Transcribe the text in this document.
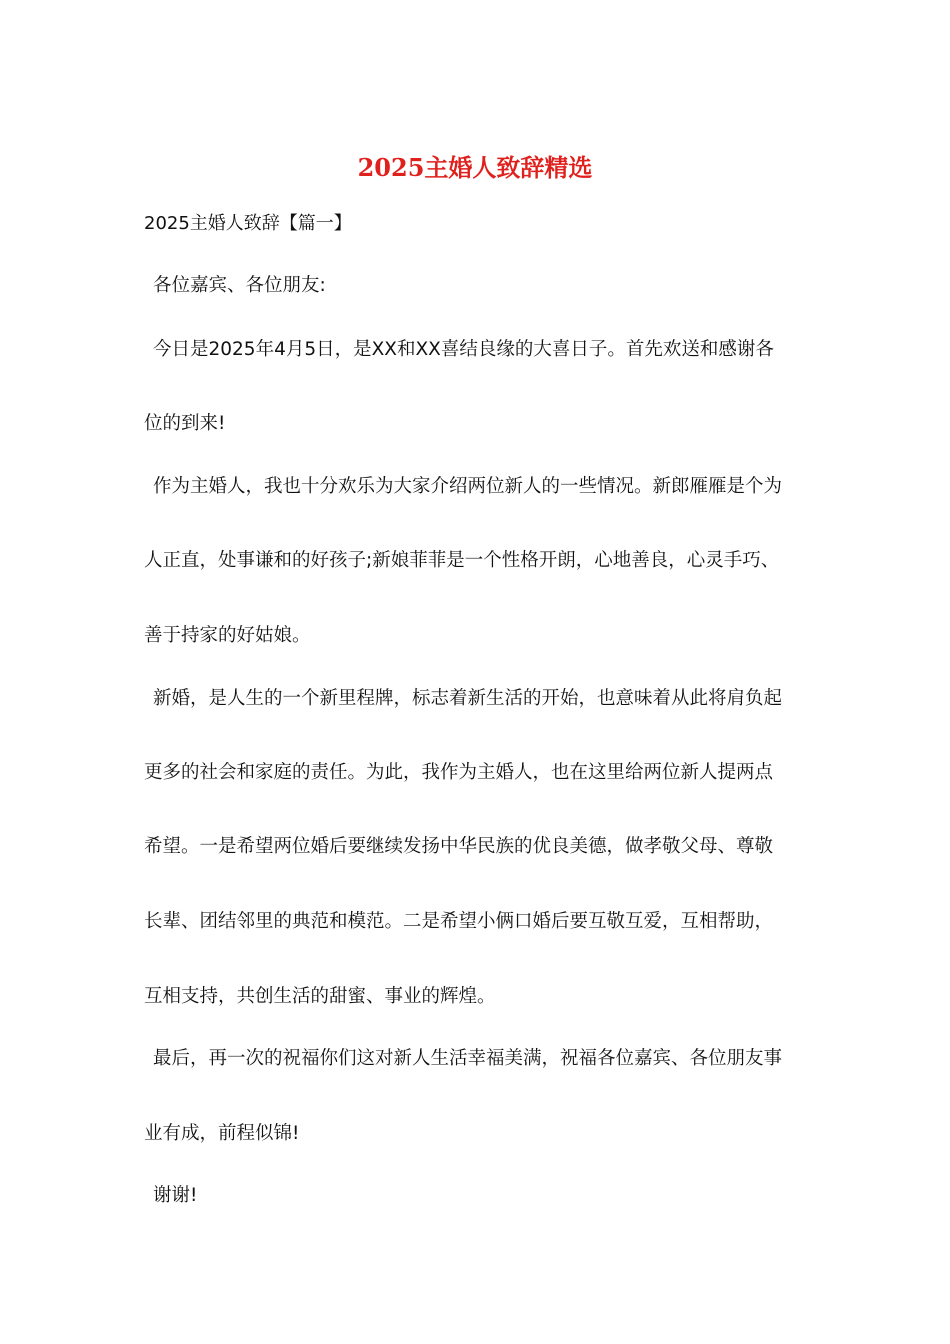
2025主婚人致辞精选
2025主婚人致辞【篇一】
各位嘉宾、各位朋友:
今日是2025年4月5日，是XX和XX喜结良缘的大喜日子。首先欢送和感谢各
位的到来!
作为主婚人，我也十分欢乐为大家介绍两位新人的一些情况。新郎雁雁是个为
人正直，处事谦和的好孩子;新娘菲菲是一个性格开朗，心地善良，心灵手巧、
善于持家的好姑娘。
新婚，是人生的一个新里程牌，标志着新生活的开始，也意味着从此将肩负起
更多的社会和家庭的责任。为此，我作为主婚人，也在这里给两位新人提两点
希望。一是希望两位婚后要继续发扬中华民族的优良美德，做孝敬父母、尊敬
长辈、团结邻里的典范和模范。二是希望小俩口婚后要互敬互爱，互相帮助，
互相支持，共创生活的甜蜜、事业的辉煌。
最后，再一次的祝福你们这对新人生活幸福美满，祝福各位嘉宾、各位朋友事
业有成，前程似锦!
谢谢!
